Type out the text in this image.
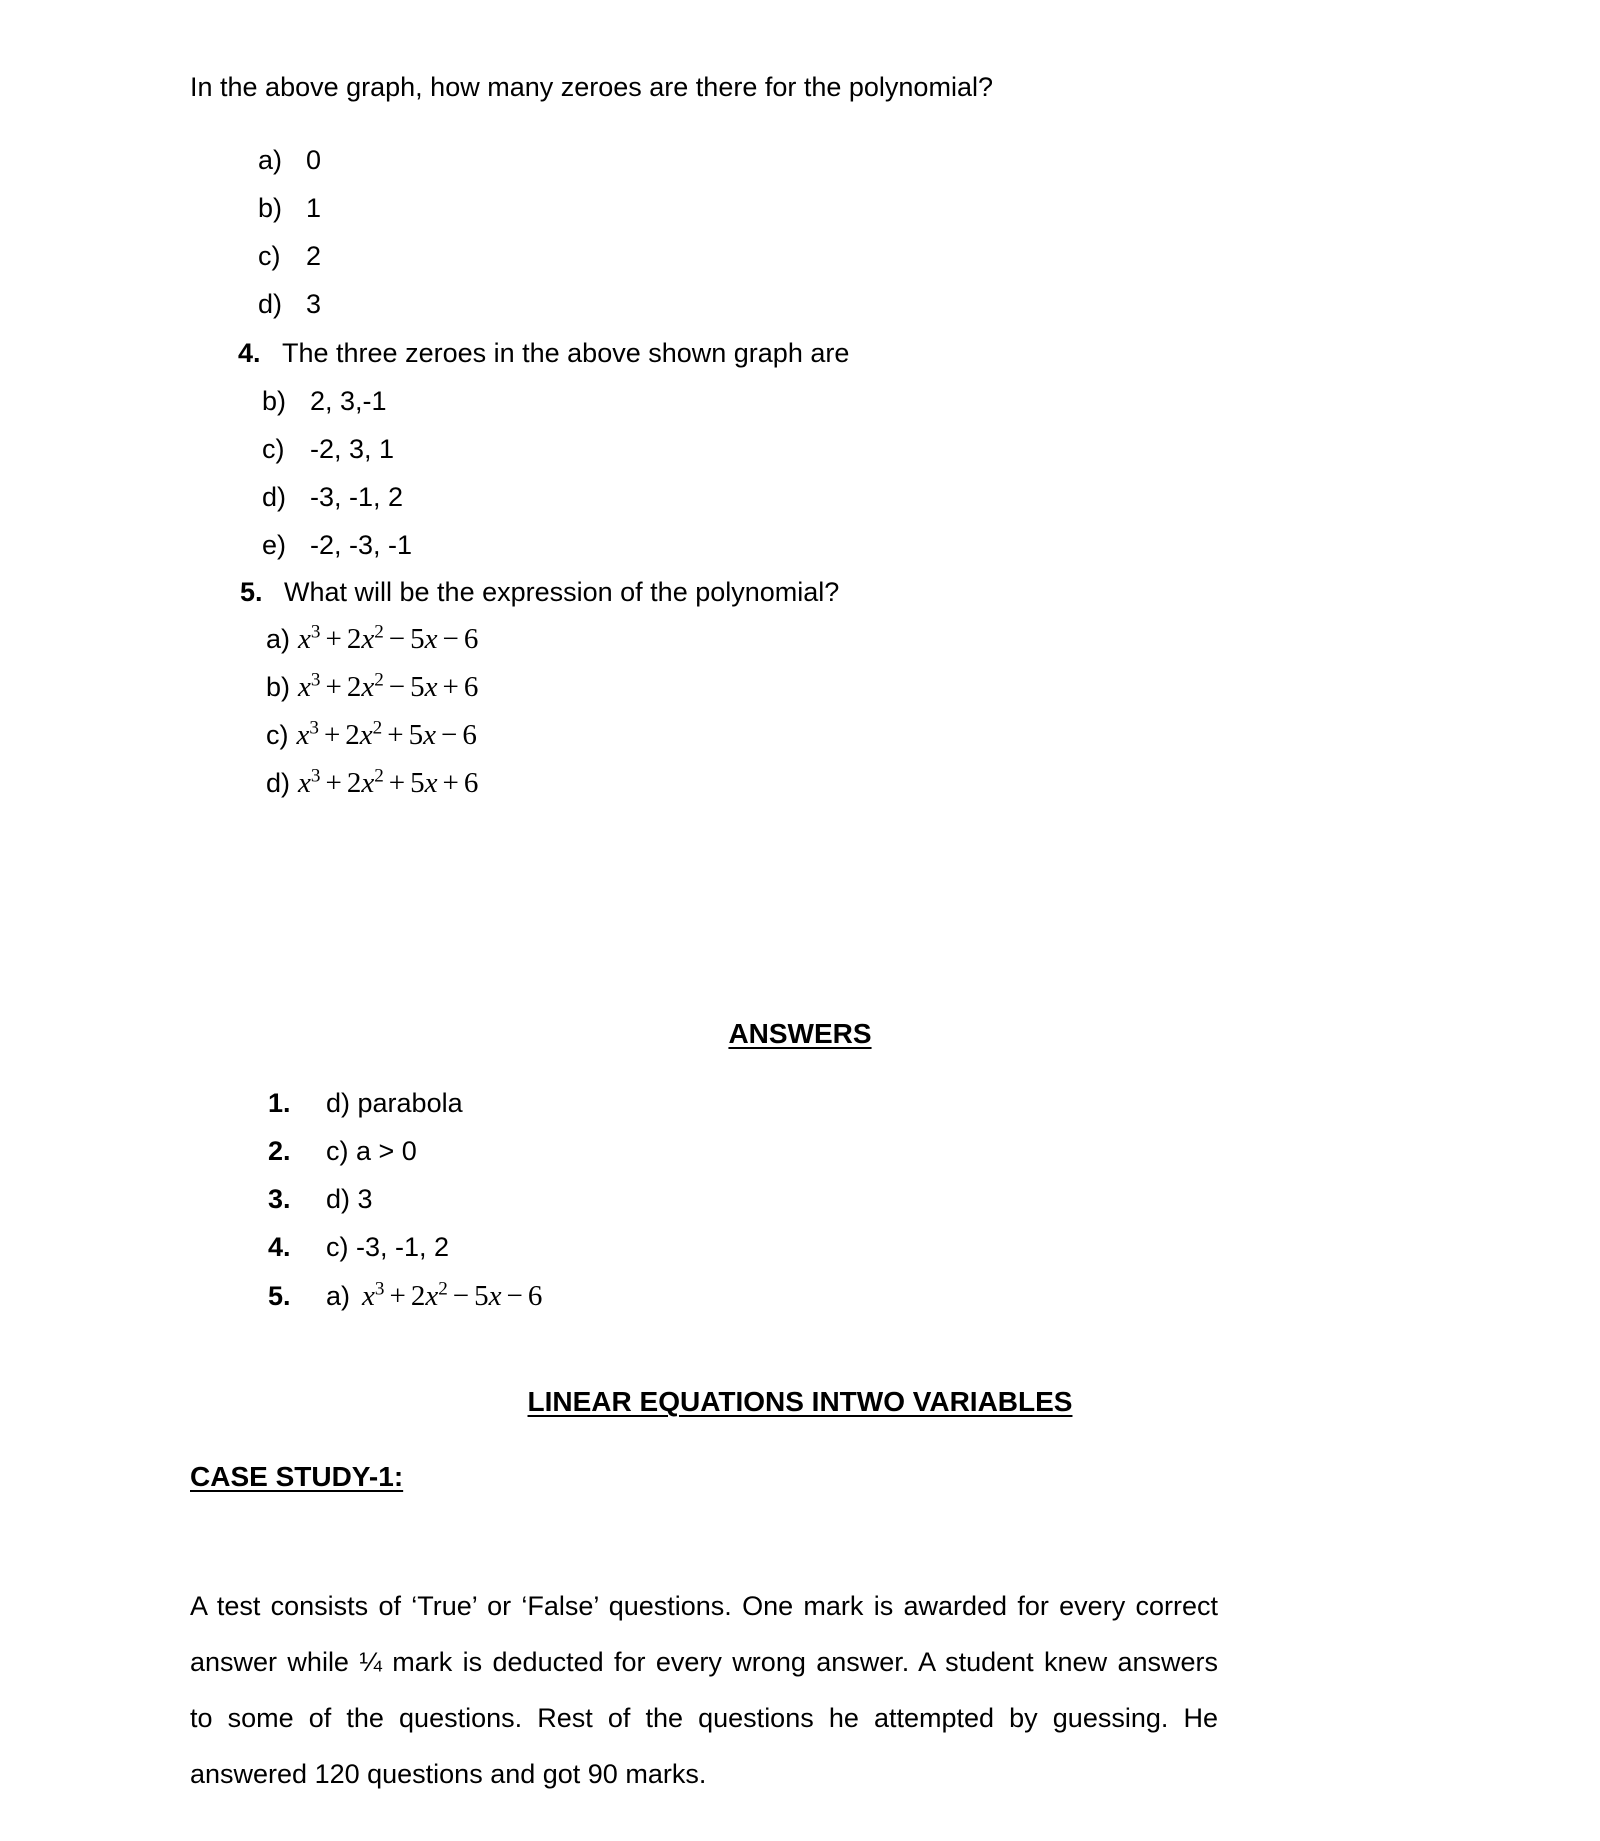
In the above graph, how many zeroes are there for the polynomial?
a) 0
b) 1
c) 2
d) 3
4. The three zeroes in the above shown graph are
b) 2, 3,-1
c) -2, 3, 1
d) -3, -1, 2
e) -2, -3, -1
5. What will be the expression of the polynomial?
a) $x^3 + 2x^2 - 5x - 6$
b) $x^3 + 2x^2 - 5x + 6$
c) $x^3 + 2x^2 + 5x - 6$
d) $x^3 + 2x^2 + 5x + 6$
ANSWERS
1.	d) parabola
2.	c) a > 0
3.	d) 3
4.	c) -3, -1, 2
5.	a) $x^3 + 2x^2 - 5x - 6$
LINEAR EQUATIONS INTWO VARIABLES
CASE STUDY-1:
A test consists of ‘True’ or ‘False’ questions. One mark is awarded for every correct
answer while ¼ mark is deducted for every wrong answer. A student knew answers
to some of the questions. Rest of the questions he attempted by guessing. He
answered 120 questions and got 90 marks.
